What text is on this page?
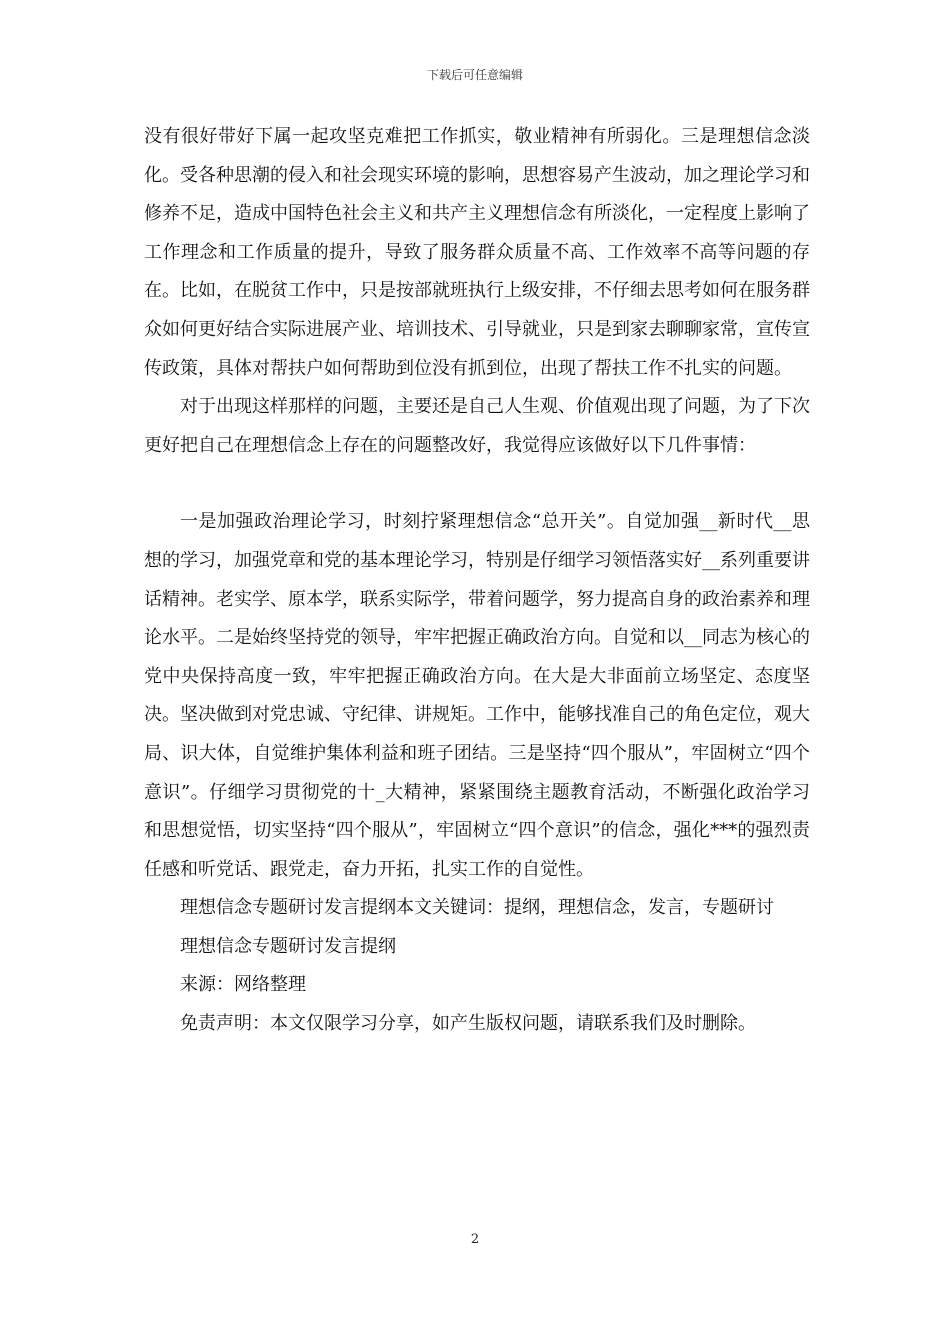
下载后可任意编辑

没有很好带好下属一起攻坚克难把工作抓实，敬业精神有所弱化。三是理想信念淡化。受各种思潮的侵入和社会现实环境的影响，思想容易产生波动，加之理论学习和修养不足，造成中国特色社会主义和共产主义理想信念有所淡化，一定程度上影响了工作理念和工作质量的提升，导致了服务群众质量不高、工作效率不高等问题的存在。比如，在脱贫工作中，只是按部就班执行上级安排，不仔细去思考如何在服务群众如何更好结合实际进展产业、培训技术、引导就业，只是到家去聊聊家常，宣传宣传政策，具体对帮扶户如何帮助到位没有抓到位，出现了帮扶工作不扎实的问题。

对于出现这样那样的问题，主要还是自己人生观、价值观出现了问题，为了下次更好把自己在理想信念上存在的问题整改好，我觉得应该做好以下几件事情：

一是加强政治理论学习，时刻拧紧理想信念“总开关”。自觉加强__新时代__思想的学习，加强党章和党的基本理论学习，特别是仔细学习领悟落实好__系列重要讲话精神。老实学、原本学，联系实际学，带着问题学，努力提高自身的政治素养和理论水平。二是始终坚持党的领导，牢牢把握正确政治方向。自觉和以__同志为核心的党中央保持高度一致，牢牢把握正确政治方向。在大是大非面前立场坚定、态度坚决。坚决做到对党忠诚、守纪律、讲规矩。工作中，能够找准自己的角色定位，观大局、识大体，自觉维护集体利益和班子团结。三是坚持“四个服从”，牢固树立“四个意识”。仔细学习贯彻党的十_大精神，紧紧围绕主题教育活动，不断强化政治学习和思想觉悟，切实坚持“四个服从”，牢固树立“四个意识”的信念，强化***的强烈责任感和听党话、跟党走，奋力开拓，扎实工作的自觉性。

理想信念专题研讨发言提纲本文关键词：提纲，理想信念，发言，专题研讨

理想信念专题研讨发言提纲

来源：网络整理

免责声明：本文仅限学习分享，如产生版权问题，请联系我们及时删除。

2
